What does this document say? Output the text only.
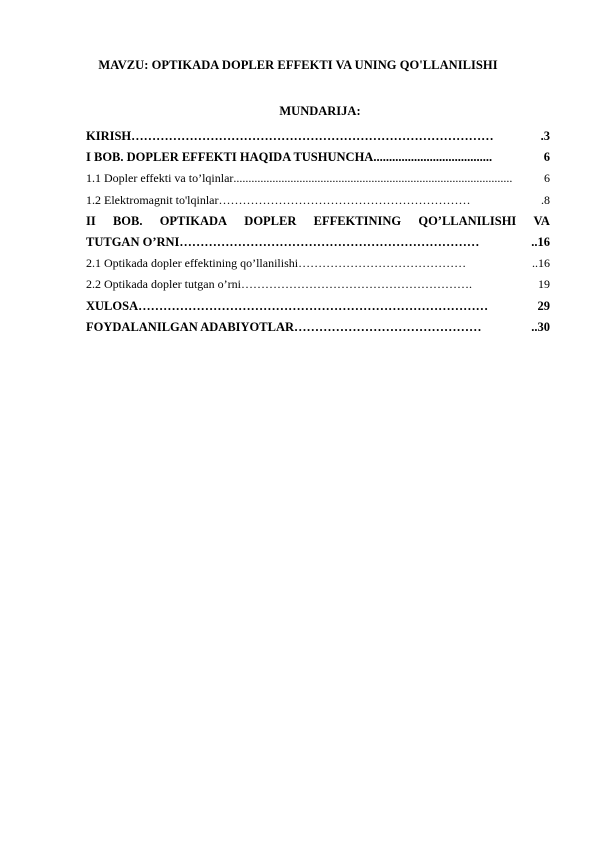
MAVZU: OPTIKADA DOPLER EFFEKTI VA UNING QO'LLANILISHI
MUNDARIJA:
KIRISH ……………………………………………………………………………	.3
I BOB. DOPLER EFFEKTI HAQIDA TUSHUNCHA ......................................	6
1.1 Dopler effekti va to’lqinlar .............................................................................................	6
1.2 Elektromagnit to'lqinlar ………………………………………………………	.8
II BOB. OPTIKADA DOPLER EFFEKTINING QO’LLANILISHI VA
TUTGAN O’RNI ………………………………………………………………	..16
2.1 Optikada dopler effektining qo’llanilishi ……………………………………	..16
2.2 Optikada dopler tutgan o’rni ………………………………………………….	19
XULOSA …………………………………………………………………………	29
FOYDALANILGAN ADABIYOTLAR ………………………………………	..30
